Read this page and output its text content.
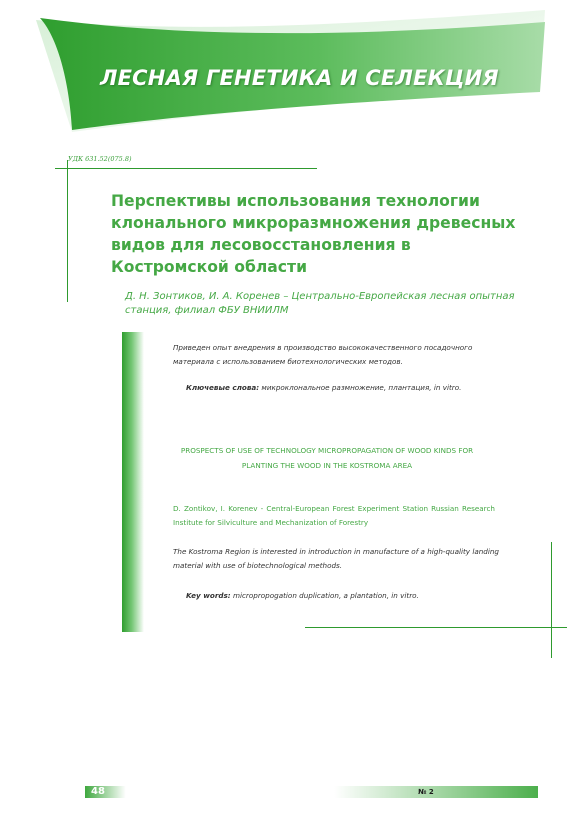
ЛЕСНАЯ ГЕНЕТИКА И СЕЛЕКЦИЯ
УДК 631.52(075.8)
Перспективы использования технологии клонального микроразмножения древесных видов для лесовосстановления в Костромской области
Д. Н. Зонтиков, И. А. Коренев – Центрально-Европейская лесная опытная станция, филиал ФБУ ВНИИЛМ
Приведен опыт внедрения в производство высококачественного посадочного материала с использованием биотехнологических методов.
Ключевые слова: микроклональное размножение, плантация, in vitro.
PROSPECTS OF USE OF TECHNOLOGY MICROPROPAGATION OF WOOD KINDS FOR PLANTING THE WOOD IN THE KOSTROMA AREA
D. Zontikov, I. Korenev - Central-European Forest Experiment Station Russian Research Institute for Silviculture and Mechanization of Forestry
The Kostroma Region is interested in introduction in manufacture of a high-quality landing material with use of biotechnological methods.
Key words: micropropogation duplication, a plantation, in vitro.
48	№ 2
